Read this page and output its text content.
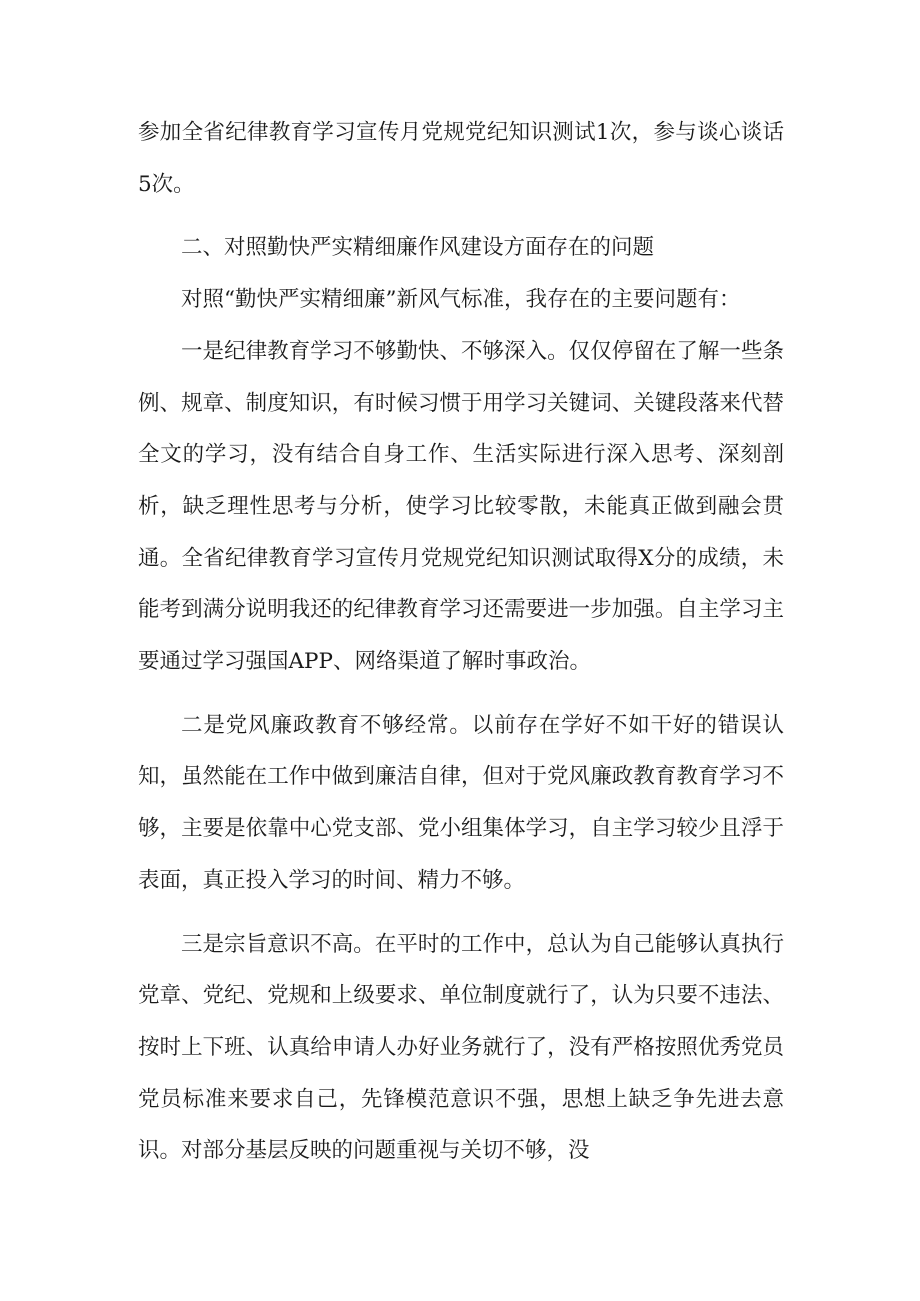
参加全省纪律教育学习宣传月党规党纪知识测试1次，参与谈心谈话5次。

二、对照勤快严实精细廉作风建设方面存在的问题

对照“勤快严实精细廉”新风气标准，我存在的主要问题有：

一是纪律教育学习不够勤快、不够深入。仅仅停留在了解一些条例、规章、制度知识，有时候习惯于用学习关键词、关键段落来代替全文的学习，没有结合自身工作、生活实际进行深入思考、深刻剖析，缺乏理性思考与分析，使学习比较零散，未能真正做到融会贯通。全省纪律教育学习宣传月党规党纪知识测试取得X分的成绩，未能考到满分说明我还的纪律教育学习还需要进一步加强。自主学习主要通过学习强国APP、网络渠道了解时事政治。

二是党风廉政教育不够经常。以前存在学好不如干好的错误认知，虽然能在工作中做到廉洁自律，但对于党风廉政教育教育学习不够，主要是依靠中心党支部、党小组集体学习，自主学习较少且浮于表面，真正投入学习的时间、精力不够。

三是宗旨意识不高。在平时的工作中，总认为自己能够认真执行党章、党纪、党规和上级要求、单位制度就行了，认为只要不违法、按时上下班、认真给申请人办好业务就行了，没有严格按照优秀党员党员标准来要求自己，先锋模范意识不强，思想上缺乏争先进去意识。对部分基层反映的问题重视与关切不够，没
